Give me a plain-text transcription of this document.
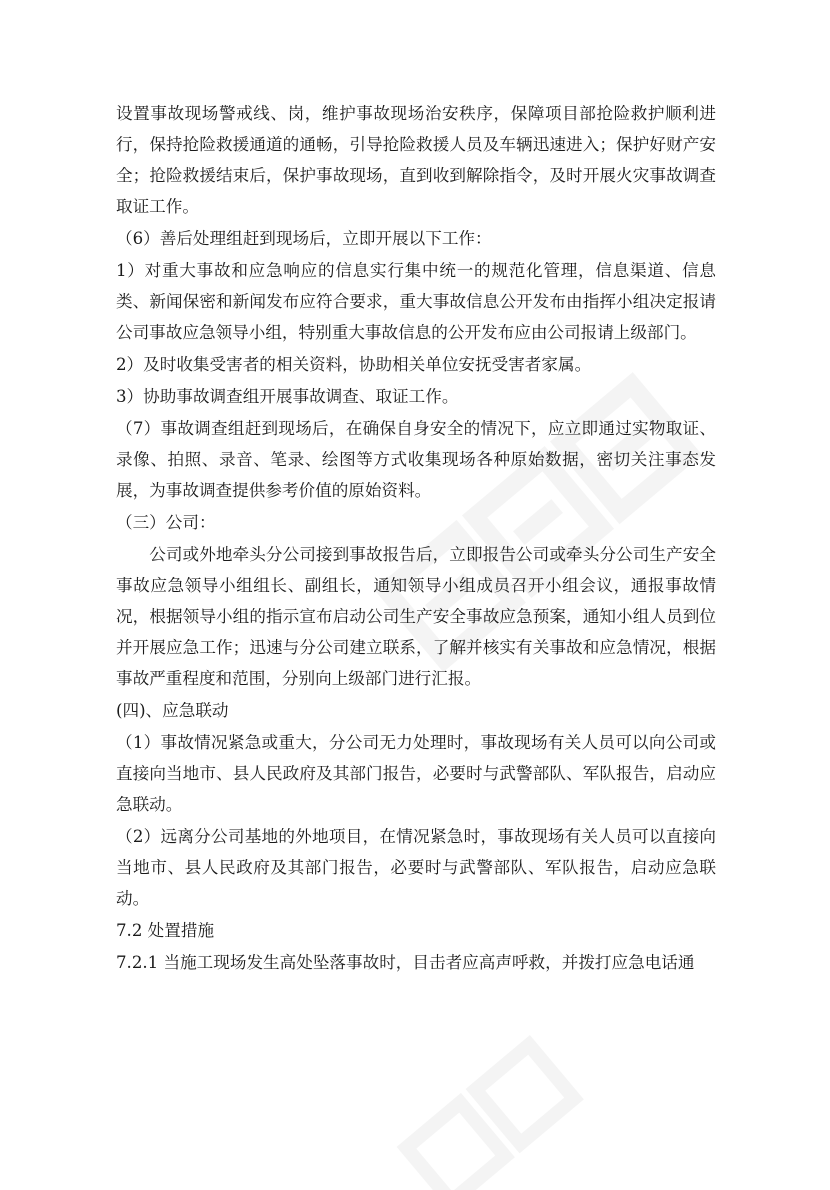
设置事故现场警戒线、岗，维护事故现场治安秩序，保障项目部抢险救护顺利进行，保持抢险救援通道的通畅，引导抢险救援人员及车辆迅速进入；保护好财产安全；抢险救援结束后，保护事故现场，直到收到解除指令，及时开展火灾事故调查取证工作。

（6）善后处理组赶到现场后，立即开展以下工作：

1）对重大事故和应急响应的信息实行集中统一的规范化管理，信息渠道、信息类、新闻保密和新闻发布应符合要求，重大事故信息公开发布由指挥小组决定报请公司事故应急领导小组，特别重大事故信息的公开发布应由公司报请上级部门。

2）及时收集受害者的相关资料，协助相关单位安抚受害者家属。

3）协助事故调查组开展事故调查、取证工作。

（7）事故调查组赶到现场后，在确保自身安全的情况下，应立即通过实物取证、录像、拍照、录音、笔录、绘图等方式收集现场各种原始数据，密切关注事态发展，为事故调查提供参考价值的原始资料。

（三）公司：

公司或外地牵头分公司接到事故报告后，立即报告公司或牵头分公司生产安全事故应急领导小组组长、副组长，通知领导小组成员召开小组会议，通报事故情况，根据领导小组的指示宣布启动公司生产安全事故应急预案，通知小组人员到位并开展应急工作；迅速与分公司建立联系，了解并核实有关事故和应急情况，根据事故严重程度和范围，分别向上级部门进行汇报。

(四)、应急联动

（1）事故情况紧急或重大，分公司无力处理时，事故现场有关人员可以向公司或直接向当地市、县人民政府及其部门报告，必要时与武警部队、军队报告，启动应急联动。

（2）远离分公司基地的外地项目，在情况紧急时，事故现场有关人员可以直接向当地市、县人民政府及其部门报告，必要时与武警部队、军队报告，启动应急联动。

7.2 处置措施

7.2.1 当施工现场发生高处坠落事故时，目击者应高声呼救，并拨打应急电话通
